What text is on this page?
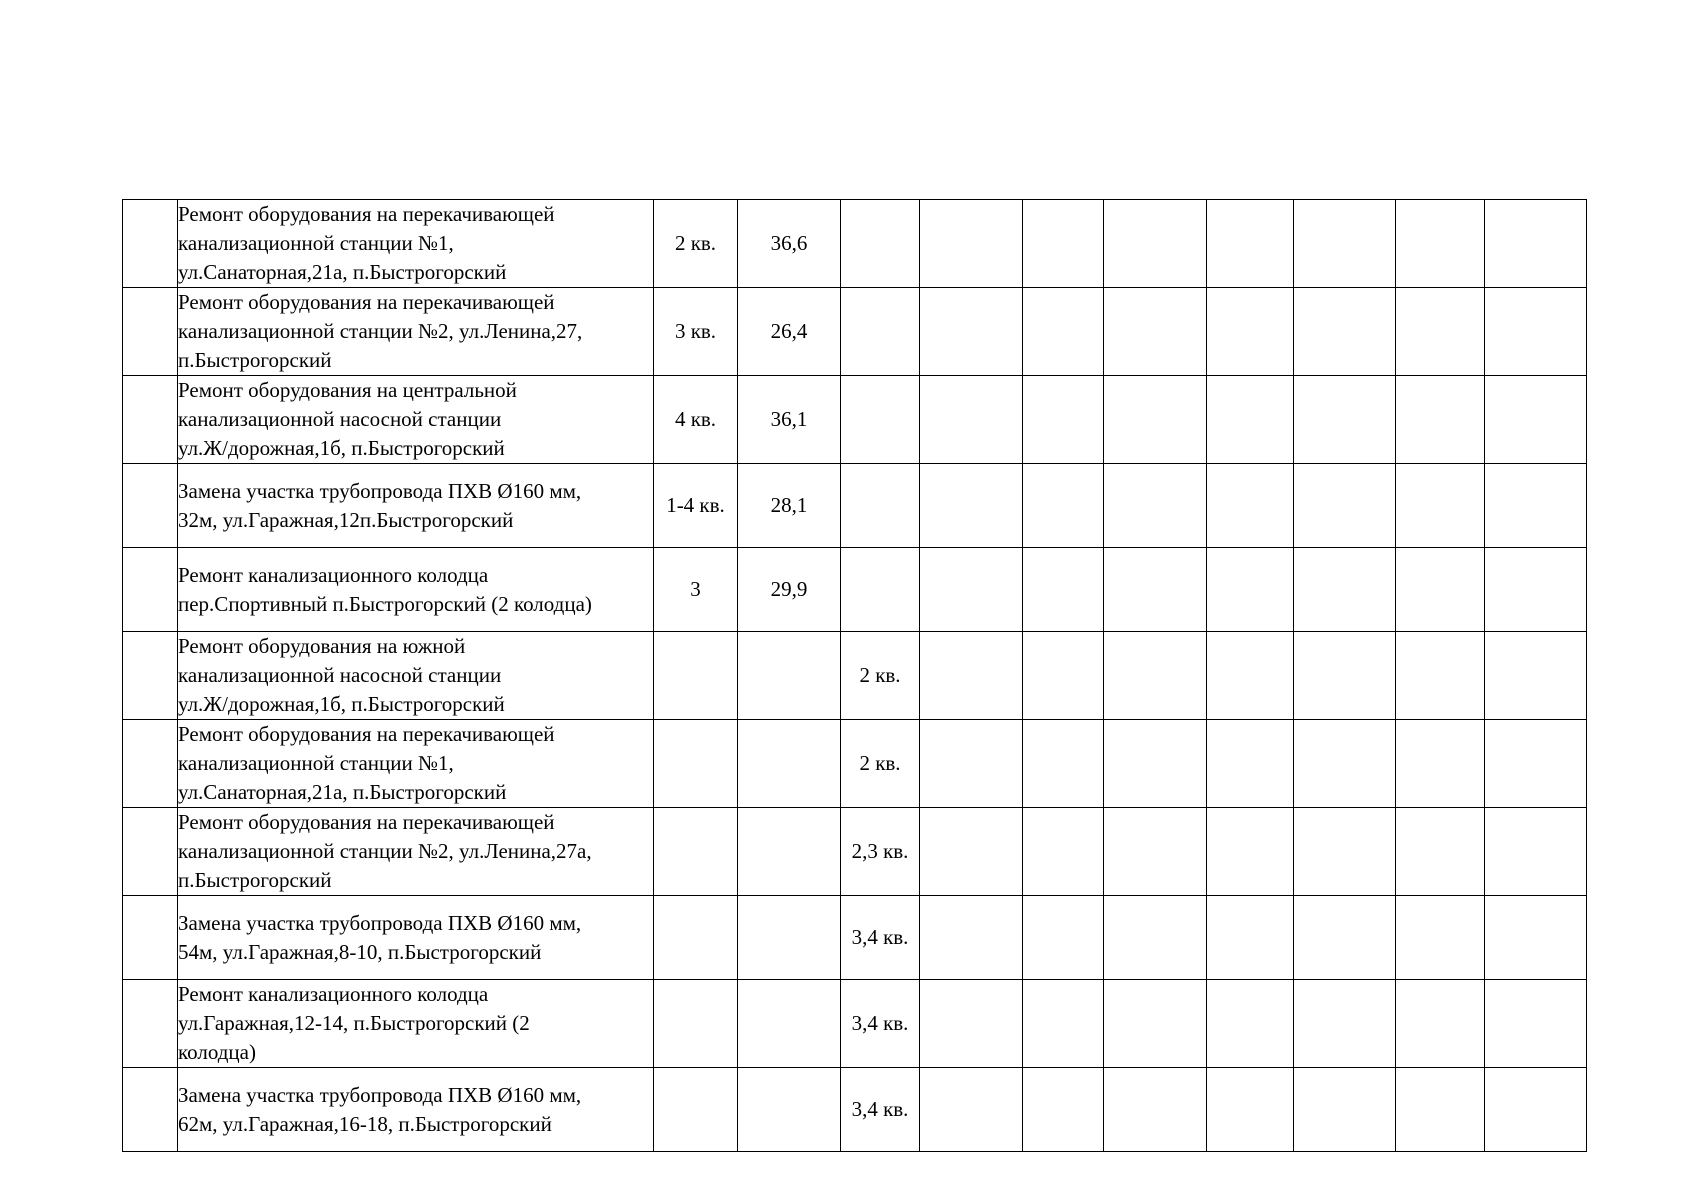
	Ремонт оборудования на перекачивающей
канализационной станции №1,
ул.Санаторная,21а, п.Быстрогорский	2 кв.	36,6								
	Ремонт оборудования на перекачивающей
канализационной станции №2, ул.Ленина,27,
п.Быстрогорский	3 кв.	26,4								
	Ремонт оборудования на центральной
канализационной насосной станции
ул.Ж/дорожная,1б, п.Быстрогорский	4 кв.	36,1								
	Замена участка трубопровода ПХВ Ø160 мм,
32м, ул.Гаражная,12п.Быстрогорский	1-4 кв.	28,1								
	Ремонт канализационного колодца
пер.Спортивный п.Быстрогорский (2 колодца)	3	29,9								
	Ремонт оборудования на южной
канализационной насосной станции
ул.Ж/дорожная,1б, п.Быстрогорский			2 кв.							
	Ремонт оборудования на перекачивающей
канализационной станции №1,
ул.Санаторная,21а, п.Быстрогорский			2 кв.							
	Ремонт оборудования на перекачивающей
канализационной станции №2, ул.Ленина,27а,
п.Быстрогорский			2,3 кв.							
	Замена участка трубопровода ПХВ Ø160 мм,
54м, ул.Гаражная,8-10, п.Быстрогорский			3,4 кв.							
	Ремонт канализационного колодца
ул.Гаражная,12-14, п.Быстрогорский (2
колодца)			3,4 кв.							
	Замена участка трубопровода ПХВ Ø160 мм,
62м, ул.Гаражная,16-18, п.Быстрогорский			3,4 кв.							
